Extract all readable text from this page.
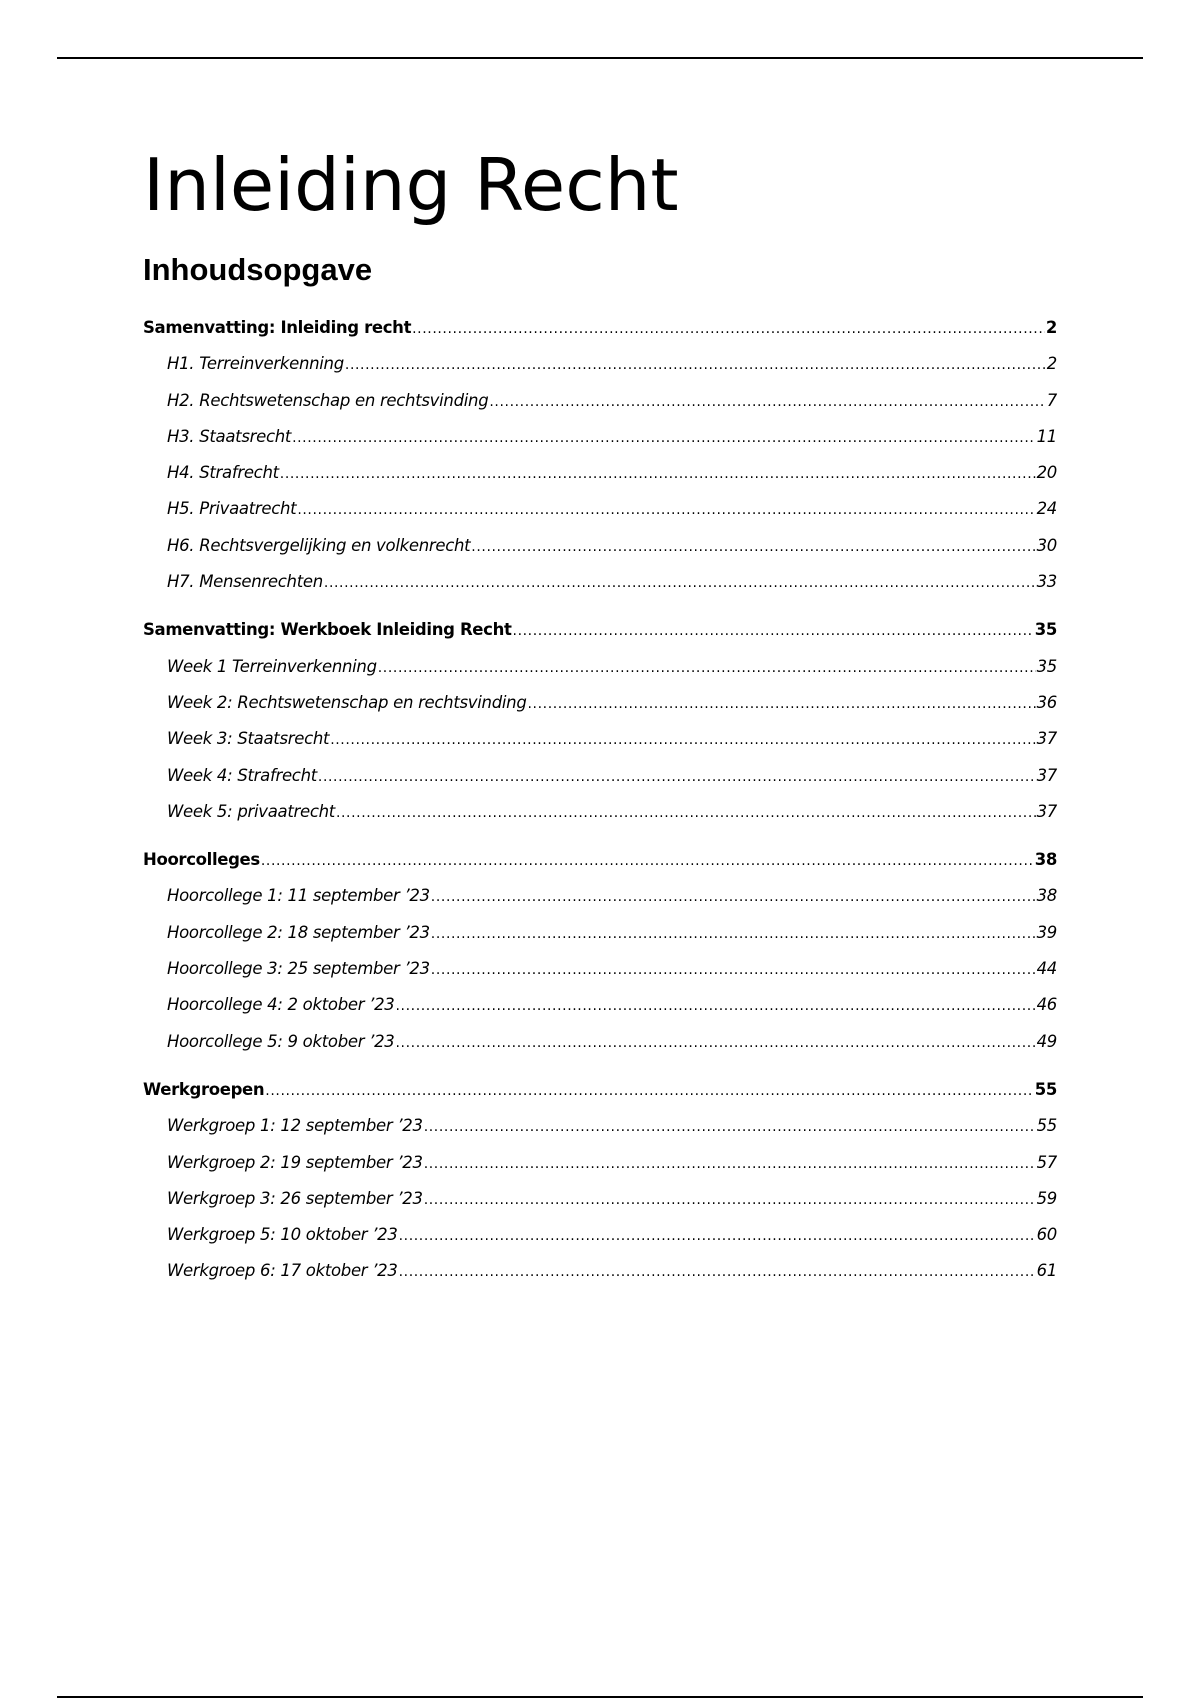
Inleiding Recht
Inhoudsopgave
Samenvatting: Inleiding recht .....	2
H1. Terreinverkenning .....	2
H2. Rechtswetenschap en rechtsvinding .....	7
H3. Staatsrecht .....	11
H4. Strafrecht .....	20
H5. Privaatrecht .....	24
H6. Rechtsvergelijking en volkenrecht .....	30
H7. Mensenrechten .....	33
Samenvatting: Werkboek Inleiding Recht .....	35
Week 1 Terreinverkenning .....	35
Week 2: Rechtswetenschap en rechtsvinding .....	36
Week 3: Staatsrecht .....	37
Week 4: Strafrecht .....	37
Week 5: privaatrecht .....	37
Hoorcolleges .....	38
Hoorcollege 1: 11 september ’23 .....	38
Hoorcollege 2: 18 september ’23 .....	39
Hoorcollege 3: 25 september ’23 .....	44
Hoorcollege 4: 2 oktober ’23 .....	46
Hoorcollege 5: 9 oktober ’23 .....	49
Werkgroepen .....	55
Werkgroep 1: 12 september ’23 .....	55
Werkgroep 2: 19 september ’23 .....	57
Werkgroep 3: 26 september ’23 .....	59
Werkgroep 5: 10 oktober ’23 .....	60
Werkgroep 6: 17 oktober ’23 .....	61
